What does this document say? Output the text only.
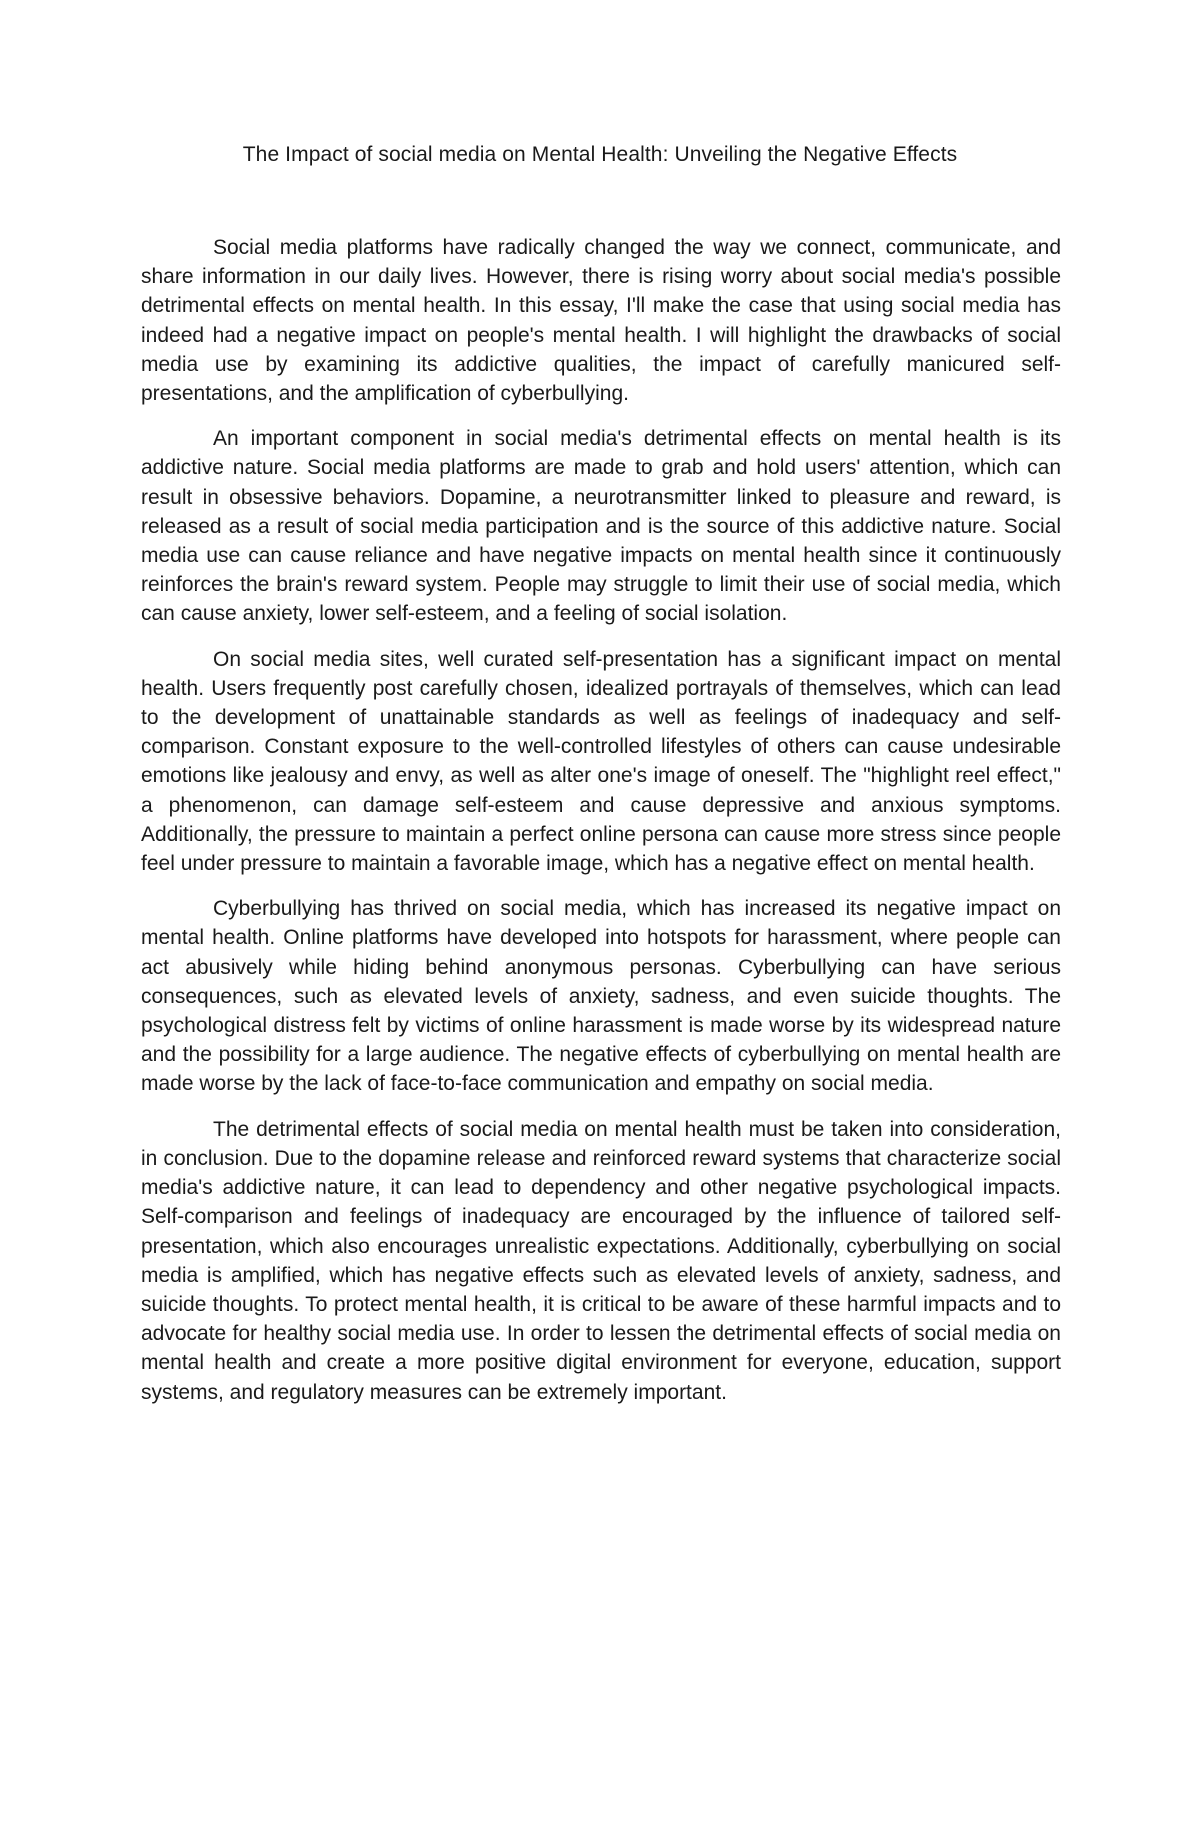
The Impact of social media on Mental Health: Unveiling the Negative Effects

Social media platforms have radically changed the way we connect, communicate, and share information in our daily lives. However, there is rising worry about social media's possible detrimental effects on mental health. In this essay, I'll make the case that using social media has indeed had a negative impact on people's mental health. I will highlight the drawbacks of social media use by examining its addictive qualities, the impact of carefully manicured self-presentations, and the amplification of cyberbullying.

An important component in social media's detrimental effects on mental health is its addictive nature. Social media platforms are made to grab and hold users' attention, which can result in obsessive behaviors. Dopamine, a neurotransmitter linked to pleasure and reward, is released as a result of social media participation and is the source of this addictive nature. Social media use can cause reliance and have negative impacts on mental health since it continuously reinforces the brain's reward system. People may struggle to limit their use of social media, which can cause anxiety, lower self-esteem, and a feeling of social isolation.

On social media sites, well curated self-presentation has a significant impact on mental health. Users frequently post carefully chosen, idealized portrayals of themselves, which can lead to the development of unattainable standards as well as feelings of inadequacy and self-comparison. Constant exposure to the well-controlled lifestyles of others can cause undesirable emotions like jealousy and envy, as well as alter one's image of oneself. The "highlight reel effect," a phenomenon, can damage self-esteem and cause depressive and anxious symptoms. Additionally, the pressure to maintain a perfect online persona can cause more stress since people feel under pressure to maintain a favorable image, which has a negative effect on mental health.

Cyberbullying has thrived on social media, which has increased its negative impact on mental health. Online platforms have developed into hotspots for harassment, where people can act abusively while hiding behind anonymous personas. Cyberbullying can have serious consequences, such as elevated levels of anxiety, sadness, and even suicide thoughts. The psychological distress felt by victims of online harassment is made worse by its widespread nature and the possibility for a large audience. The negative effects of cyberbullying on mental health are made worse by the lack of face-to-face communication and empathy on social media.

The detrimental effects of social media on mental health must be taken into consideration, in conclusion. Due to the dopamine release and reinforced reward systems that characterize social media's addictive nature, it can lead to dependency and other negative psychological impacts. Self-comparison and feelings of inadequacy are encouraged by the influence of tailored self-presentation, which also encourages unrealistic expectations. Additionally, cyberbullying on social media is amplified, which has negative effects such as elevated levels of anxiety, sadness, and suicide thoughts. To protect mental health, it is critical to be aware of these harmful impacts and to advocate for healthy social media use. In order to lessen the detrimental effects of social media on mental health and create a more positive digital environment for everyone, education, support systems, and regulatory measures can be extremely important.
